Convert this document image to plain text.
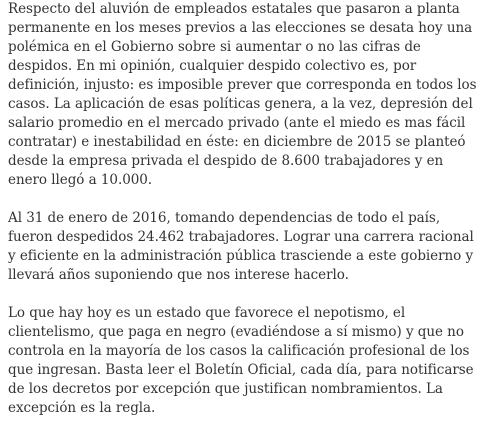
Respecto del aluvión de empleados estatales que pasaron a planta permanente en los meses previos a las elecciones se desata hoy una polémica en el Gobierno sobre si aumentar o no las cifras de despidos. En mi opinión, cualquier despido colectivo es, por definición, injusto: es imposible prever que corresponda en todos los casos. La aplicación de esas políticas genera, a la vez, depresión del salario promedio en el mercado privado (ante el miedo es mas fácil contratar) e inestabilidad en éste: en diciembre de 2015 se planteó desde la empresa privada el despido de 8.600 trabajadores y en enero llegó a 10.000.

Al 31 de enero de 2016, tomando dependencias de todo el país, fueron despedidos 24.462 trabajadores. Lograr una carrera racional y eficiente en la administración pública trasciende a este gobierno y llevará años suponiendo que nos interese hacerlo.

Lo que hay hoy es un estado que favorece el nepotismo, el clientelismo, que paga en negro (evadiéndose a sí mismo) y que no controla en la mayoría de los casos la calificación profesional de los que ingresan. Basta leer el Boletín Oficial, cada día, para notificarse de los decretos por excepción que justifican nombramientos. La excepción es la regla.
